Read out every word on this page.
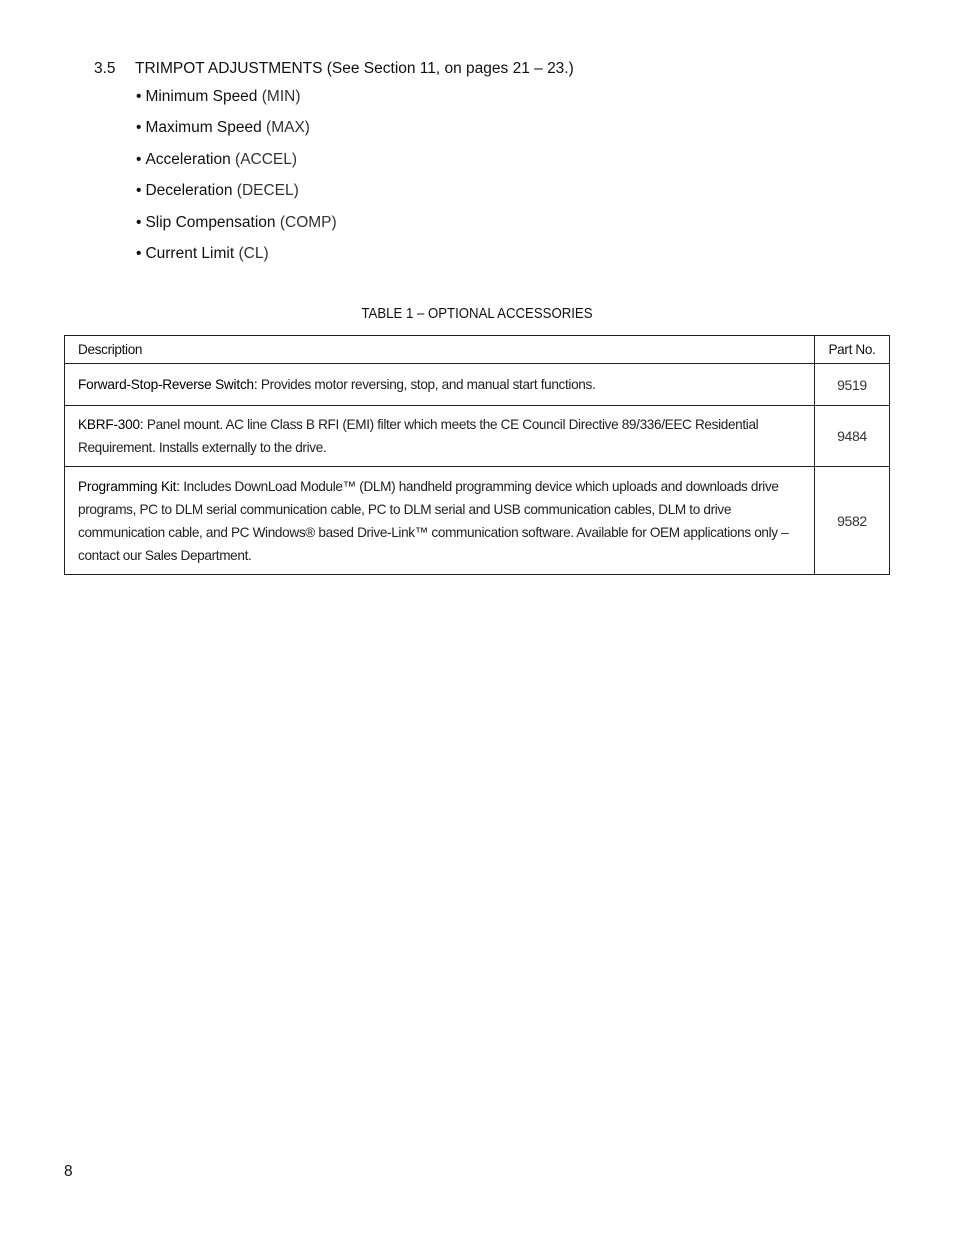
3.5 TRIMPOT ADJUSTMENTS (See Section 11, on pages 21 – 23.)
• Minimum Speed (MIN)
• Maximum Speed (MAX)
• Acceleration (ACCEL)
• Deceleration (DECEL)
• Slip Compensation (COMP)
• Current Limit (CL)
TABLE 1 – OPTIONAL ACCESSORIES
Description	Part No.
Forward-Stop-Reverse Switch: Provides motor reversing, stop, and manual start functions.	9519
KBRF-300: Panel mount. AC line Class B RFI (EMI) filter which meets the CE Council Directive 89/336/EEC Residential Requirement. Installs externally to the drive.	9484
Programming Kit: Includes DownLoad Module™ (DLM) handheld programming device which uploads and downloads drive programs, PC to DLM serial communication cable, PC to DLM serial and USB communication cables, DLM to drive communication cable, and PC Windows® based Drive-Link™ communication software. Available for OEM applications only – contact our Sales Department.	9582
8
